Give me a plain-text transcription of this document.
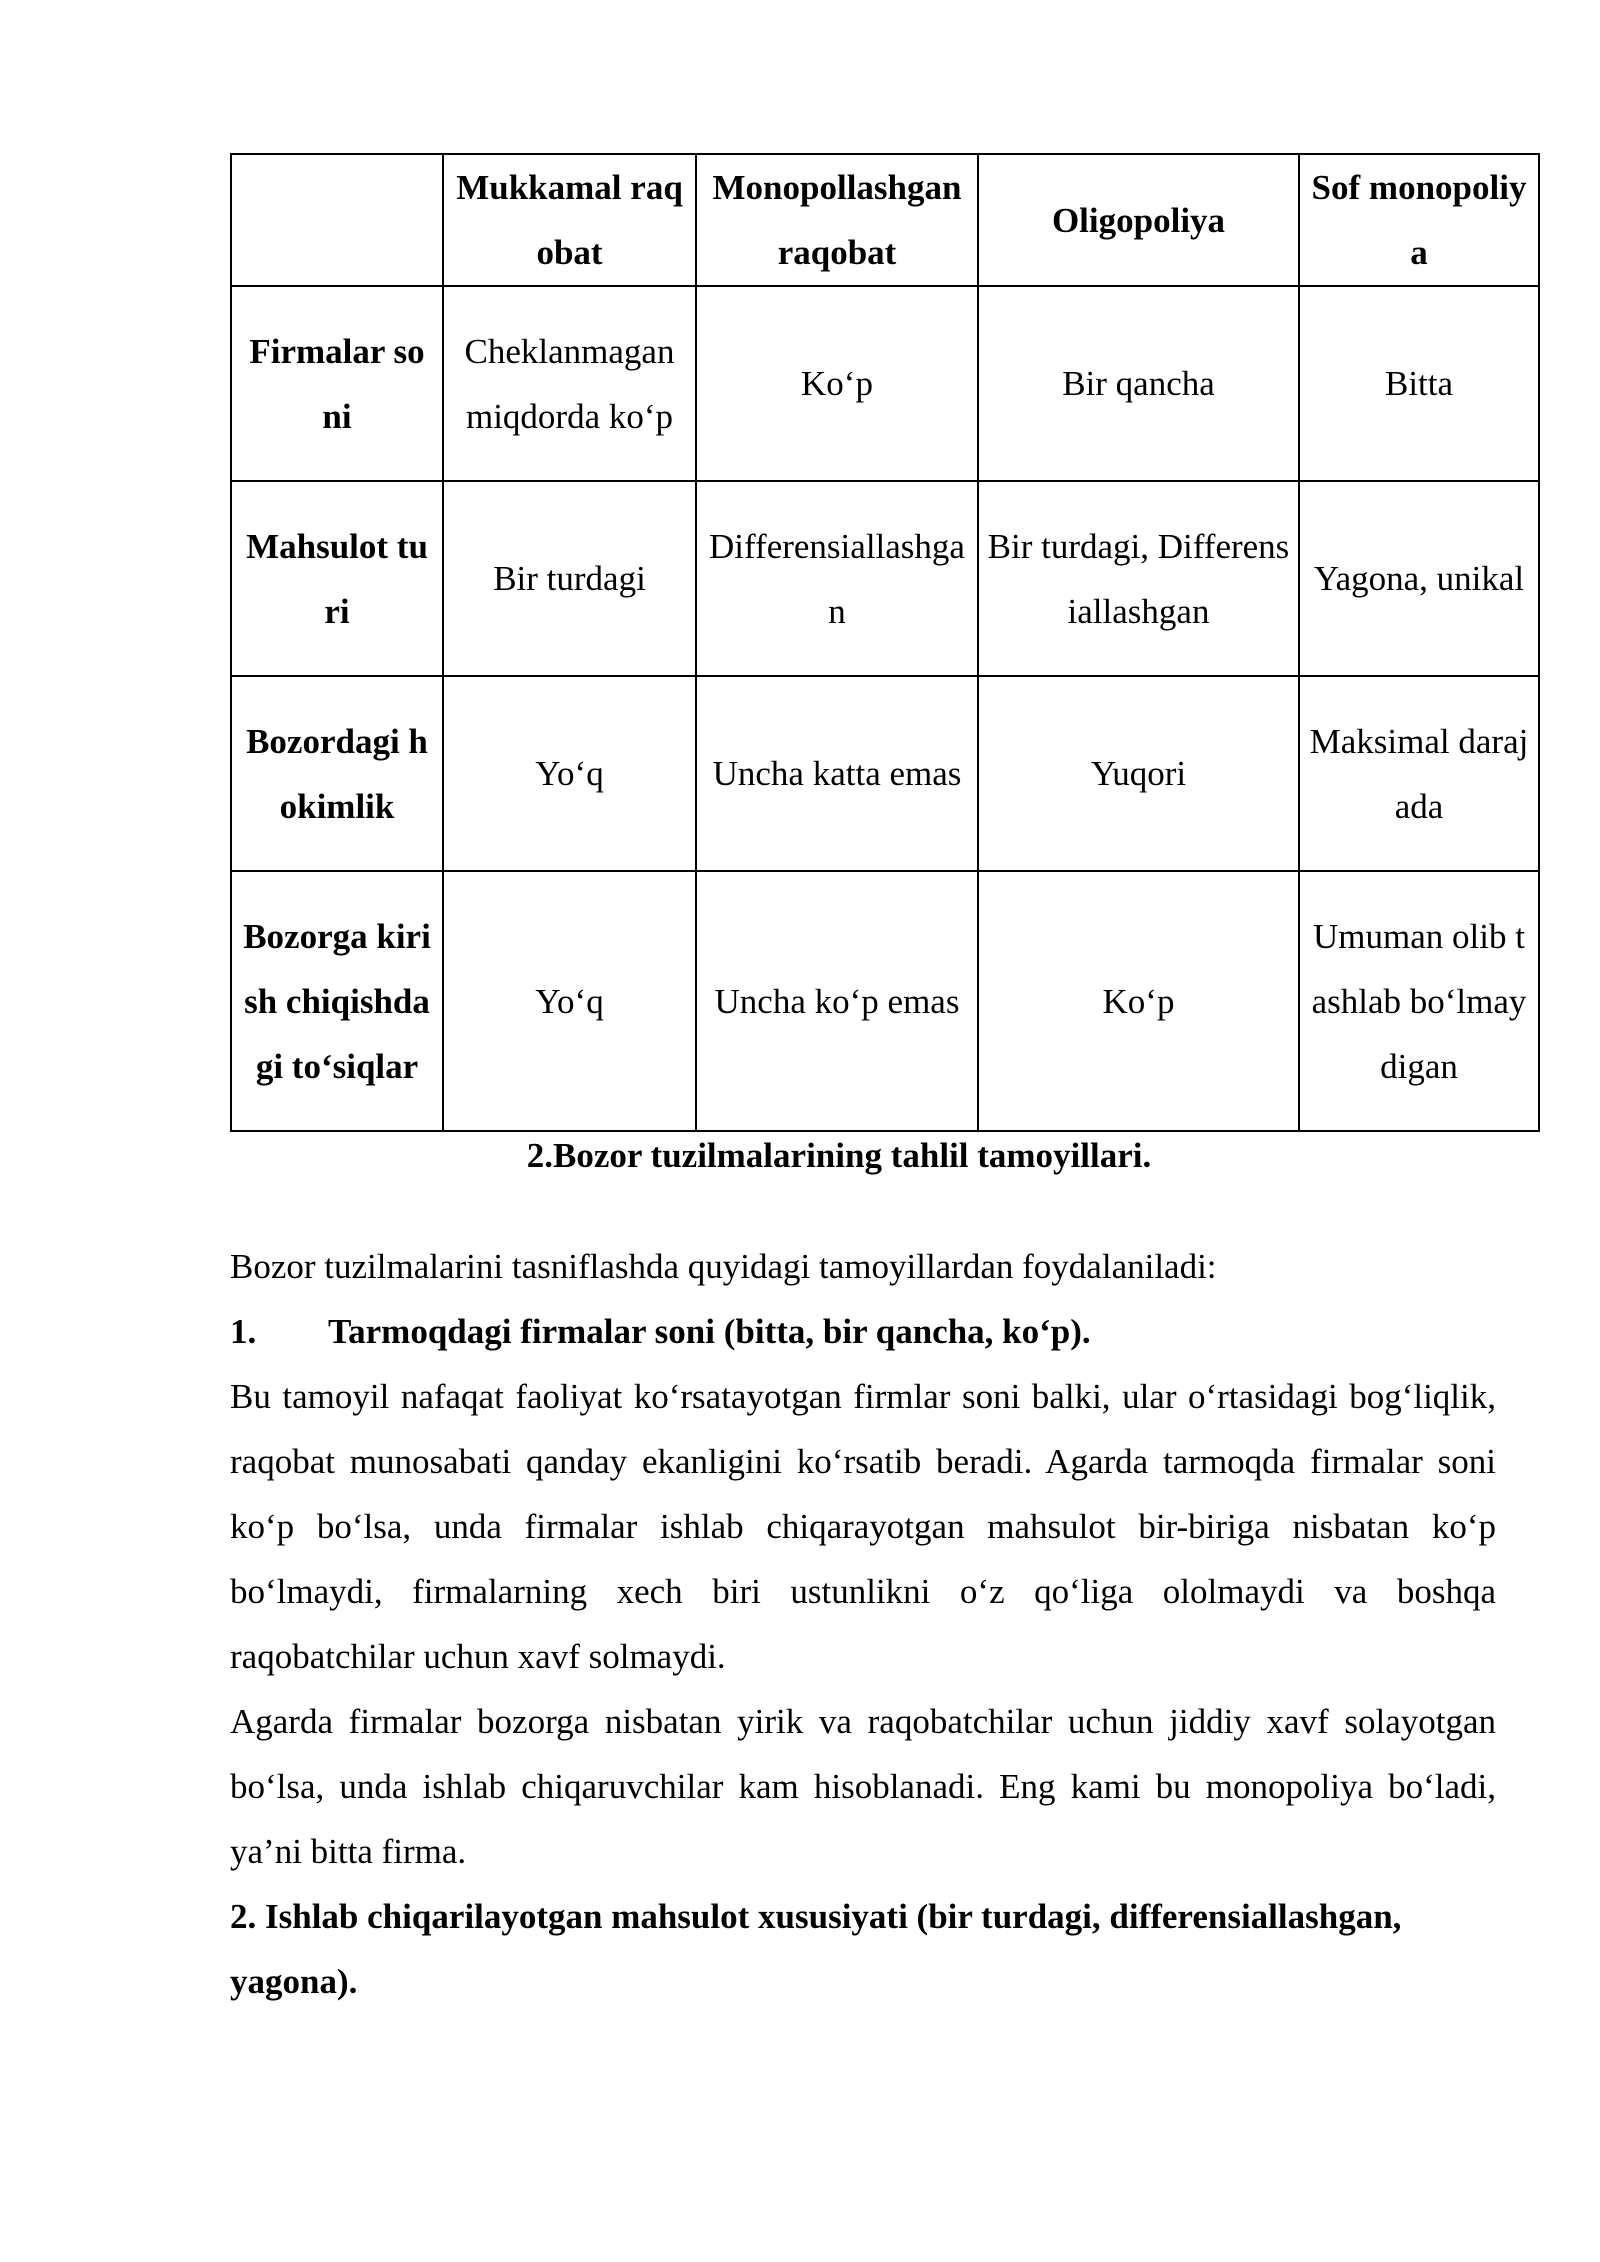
	Mukkamal raqobat	Monopollashgan raqobat	Oligopoliya	Sof monopoliya
Firmalar soni	Cheklanmagan miqdorda ko‘p	Ko‘p	Bir qancha	Bitta
Mahsulot turi	Bir turdagi	Differensiallashgan	Bir turdagi, Differensiallashgan	Yagona, unikal
Bozordagi hokimlik	Yo‘q	Uncha katta emas	Yuqori	Maksimal darajada
Bozorga kirish chiqishdagi to‘siqlar	Yo‘q	Uncha ko‘p emas	Ko‘p	Umuman olib tashlab bo‘lmaydigan
2.Bozor tuzilmalarining tahlil tamoyillari.

Bozor tuzilmalarini tasniflashda quyidagi tamoyillardan foydalaniladi:

1.	Tarmoqdagi firmalar soni (bitta, bir qancha, ko‘p).

Bu tamoyil nafaqat faoliyat ko‘rsatayotgan firmlar soni balki, ular o‘rtasidagi bog‘liqlik, raqobat munosabati qanday ekanligini ko‘rsatib beradi. Agarda tarmoqda firmalar soni ko‘p bo‘lsa, unda firmalar ishlab chiqarayotgan mahsulot bir-biriga nisbatan ko‘p bo‘lmaydi, firmalarning xech biri ustunlikni o‘z qo‘liga ololmaydi va boshqa raqobatchilar uchun xavf solmaydi.

Agarda firmalar bozorga nisbatan yirik va raqobatchilar uchun jiddiy xavf solayotgan bo‘lsa, unda ishlab chiqaruvchilar kam hisoblanadi. Eng kami bu monopoliya bo‘ladi, ya’ni bitta firma.

2. Ishlab chiqarilayotgan mahsulot xususiyati (bir turdagi, differensiallashgan, yagona).
